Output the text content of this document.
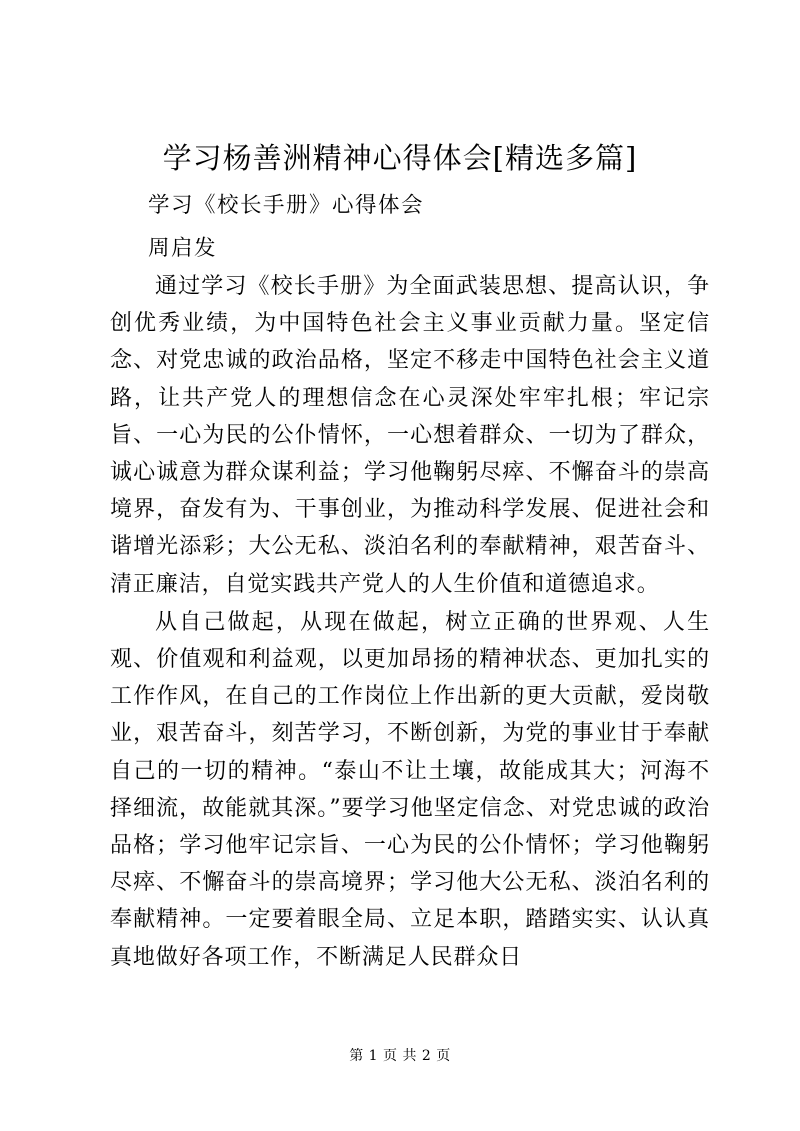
学习杨善洲精神心得体会[精选多篇]

学习《校长手册》心得体会

周启发

通过学习《校长手册》为全面武装思想、提高认识，争创优秀业绩，为中国特色社会主义事业贡献力量。坚定信念、对党忠诚的政治品格，坚定不移走中国特色社会主义道路，让共产党人的理想信念在心灵深处牢牢扎根；牢记宗旨、一心为民的公仆情怀，一心想着群众、一切为了群众，诚心诚意为群众谋利益；学习他鞠躬尽瘁、不懈奋斗的崇高境界，奋发有为、干事创业，为推动科学发展、促进社会和谐增光添彩；大公无私、淡泊名利的奉献精神，艰苦奋斗、清正廉洁，自觉实践共产党人的人生价值和道德追求。

从自己做起，从现在做起，树立正确的世界观、人生观、价值观和利益观，以更加昂扬的精神状态、更加扎实的工作作风，在自己的工作岗位上作出新的更大贡献，爱岗敬业，艰苦奋斗，刻苦学习，不断创新，为党的事业甘于奉献自己的一切的精神。“泰山不让土壤，故能成其大；河海不择细流，故能就其深。”要学习他坚定信念、对党忠诚的政治品格；学习他牢记宗旨、一心为民的公仆情怀；学习他鞠躬尽瘁、不懈奋斗的崇高境界；学习他大公无私、淡泊名利的奉献精神。一定要着眼全局、立足本职，踏踏实实、认认真真地做好各项工作，不断满足人民群众日

第 1 页 共 2 页
